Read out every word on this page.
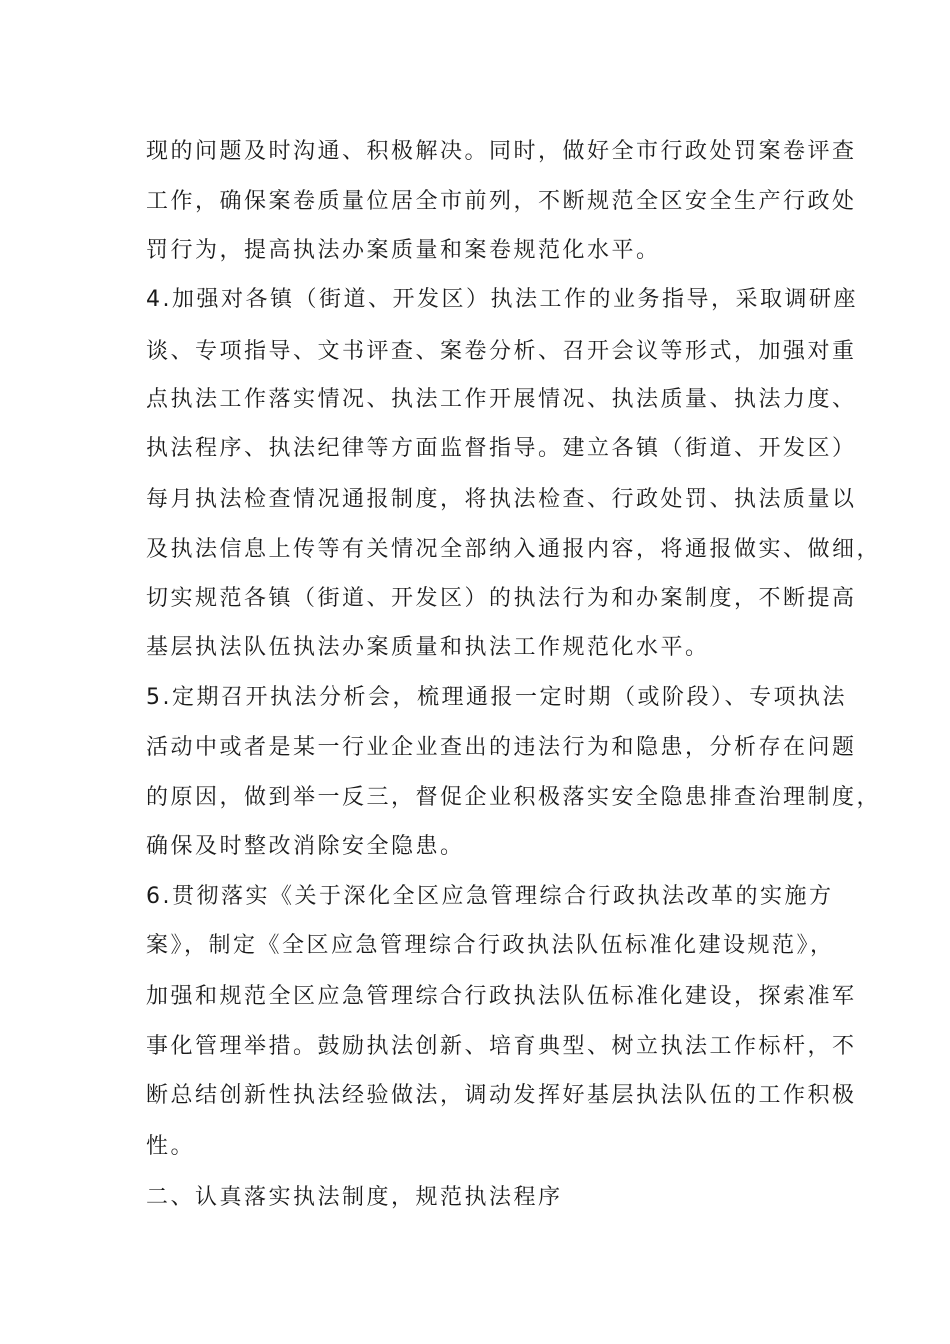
现的问题及时沟通、积极解决。同时，做好全市行政处罚案卷评查
工作，确保案卷质量位居全市前列，不断规范全区安全生产行政处
罚行为，提高执法办案质量和案卷规范化水平。
4.加强对各镇（街道、开发区）执法工作的业务指导，采取调研座
谈、专项指导、文书评查、案卷分析、召开会议等形式，加强对重
点执法工作落实情况、执法工作开展情况、执法质量、执法力度、
执法程序、执法纪律等方面监督指导。建立各镇（街道、开发区）
每月执法检查情况通报制度，将执法检查、行政处罚、执法质量以
及执法信息上传等有关情况全部纳入通报内容，将通报做实、做细，
切实规范各镇（街道、开发区）的执法行为和办案制度，不断提高
基层执法队伍执法办案质量和执法工作规范化水平。
5.定期召开执法分析会，梳理通报一定时期（或阶段）、专项执法
活动中或者是某一行业企业查出的违法行为和隐患，分析存在问题
的原因，做到举一反三，督促企业积极落实安全隐患排查治理制度，
确保及时整改消除安全隐患。
6.贯彻落实《关于深化全区应急管理综合行政执法改革的实施方
案》，制定《全区应急管理综合行政执法队伍标准化建设规范》，
加强和规范全区应急管理综合行政执法队伍标准化建设，探索准军
事化管理举措。鼓励执法创新、培育典型、树立执法工作标杆，不
断总结创新性执法经验做法，调动发挥好基层执法队伍的工作积极
性。
二、认真落实执法制度，规范执法程序
